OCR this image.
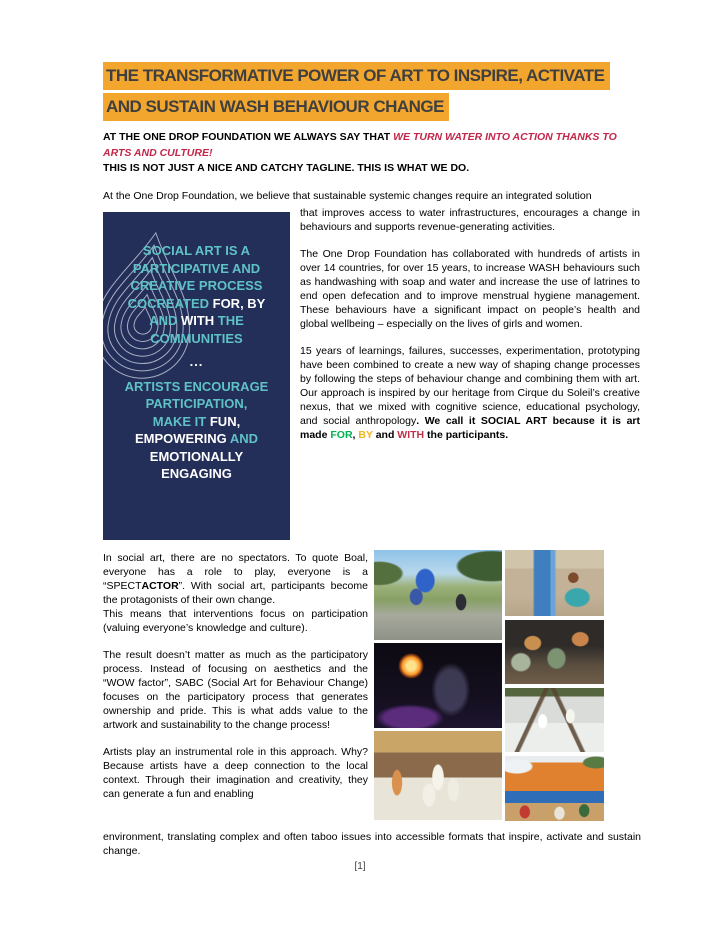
THE TRANSFORMATIVE POWER OF ART TO INSPIRE, ACTIVATE
AND SUSTAIN WASH BEHAVIOUR CHANGE
AT THE ONE DROP FOUNDATION WE ALWAYS SAY THAT WE TURN WATER INTO ACTION THANKS TO ARTS AND CULTURE!
THIS IS NOT JUST A NICE AND CATCHY TAGLINE. THIS IS WHAT WE DO.
At the One Drop Foundation, we believe that sustainable systemic changes require an integrated solution
SOCIAL ART IS A
PARTICIPATIVE AND
CREATIVE PROCESS
COCREATED FOR, BY
AND WITH THE
COMMUNITIES
...
ARTISTS ENCOURAGE
PARTICIPATION,
MAKE IT FUN,
EMPOWERING AND
EMOTIONALLY
ENGAGING

that improves access to water infrastructures, encourages a change in behaviours and supports revenue-generating activities.

The One Drop Foundation has collaborated with hundreds of artists in over 14 countries, for over 15 years, to increase WASH behaviours such as handwashing with soap and water and increase the use of latrines to end open defecation and to improve menstrual hygiene management. These behaviours have a significant impact on people’s health and global wellbeing – especially on the lives of girls and women.

15 years of learnings, failures, successes, experimentation, prototyping have been combined to create a new way of shaping change processes by following the steps of behaviour change and combining them with art. Our approach is inspired by our heritage from Cirque du Soleil’s creative nexus, that we mixed with cognitive science, educational psychology, and social anthropology. We call it SOCIAL ART because it is art made FOR, BY and WITH the participants.

In social art, there are no spectators. To quote Boal, everyone has a role to play, everyone is a “SPECTACTOR”. With social art, participants become the protagonists of their own change.
This means that interventions focus on participation (valuing everyone’s knowledge and culture).

The result doesn’t matter as much as the participatory process. Instead of focusing on aesthetics and the “WOW factor”, SABC (Social Art for Behaviour Change) focuses on the participatory process that generates ownership and pride. This is what adds value to the artwork and sustainability to the change process!

Artists play an instrumental role in this approach. Why? Because artists have a deep connection to the local context. Through their imagination and creativity, they can generate a fun and enabling

environment, translating complex and often taboo issues into accessible formats that inspire, activate and sustain change.
[1]
